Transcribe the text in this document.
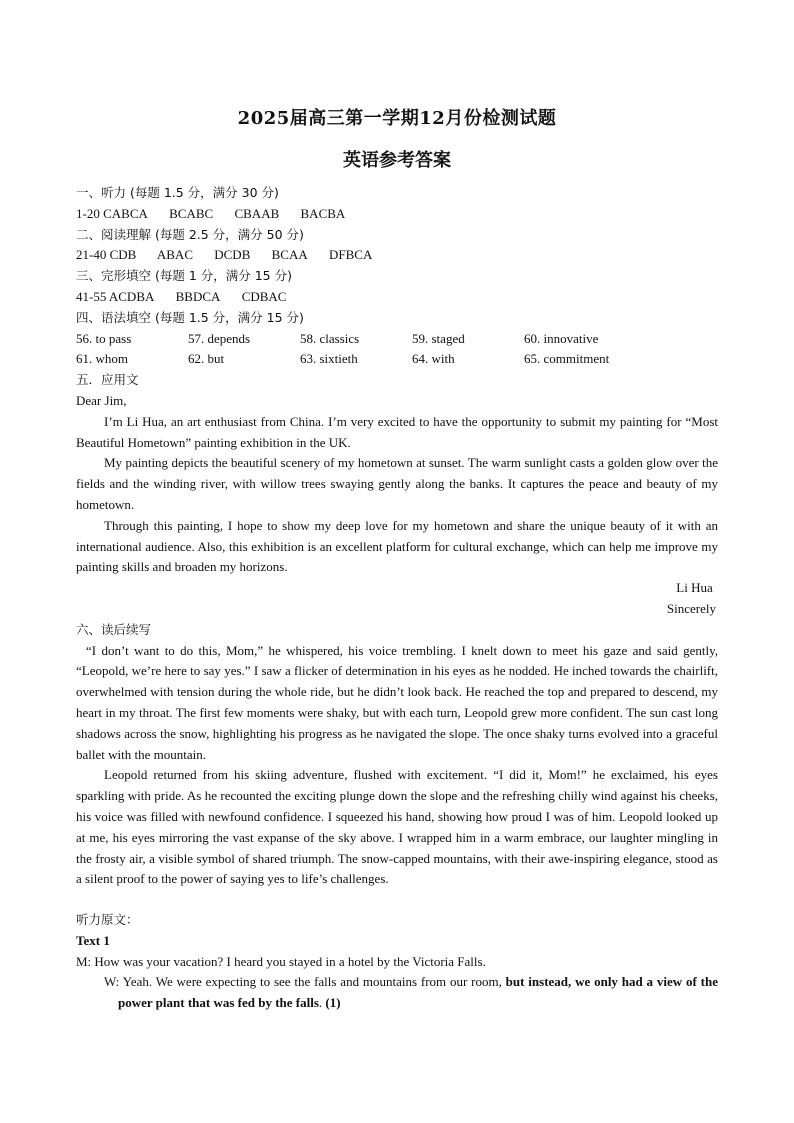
2025届高三第一学期12月份检测试题
英语参考答案
一、听力 (每题 1.5 分，满分 30 分)
1-20 CABCA BCABC CBAAB BACBA
二、阅读理解 (每题 2.5 分，满分 50 分)
21-40 CDB ABAC DCDB BCAA DFBCA
三、完形填空 (每题 1 分，满分 15 分)
41-55 ACDBA BBDCA CDBAC
四、语法填空 (每题 1.5 分，满分 15 分)
56. to pass	57. depends	58. classics	59. staged	60. innovative
61. whom	62. but	63. sixtieth	64. with	65. commitment
五．应用文
Dear Jim,

I’m Li Hua, an art enthusiast from China. I’m very excited to have the opportunity to submit my painting for “Most Beautiful Hometown” painting exhibition in the UK.

My painting depicts the beautiful scenery of my hometown at sunset. The warm sunlight casts a golden glow over the fields and the winding river, with willow trees swaying gently along the banks. It captures the peace and beauty of my hometown.

Through this painting, I hope to show my deep love for my hometown and share the unique beauty of it with an international audience. Also, this exhibition is an excellent platform for cultural exchange, which can help me improve my painting skills and broaden my horizons.

Li Hua
Sincerely
六、读后续写

“I don’t want to do this, Mom,” he whispered, his voice trembling. I knelt down to meet his gaze and said gently, “Leopold, we’re here to say yes.” I saw a flicker of determination in his eyes as he nodded. He inched towards the chairlift, overwhelmed with tension during the whole ride, but he didn’t look back. He reached the top and prepared to descend, my heart in my throat. The first few moments were shaky, but with each turn, Leopold grew more confident. The sun cast long shadows across the snow, highlighting his progress as he navigated the slope. The once shaky turns evolved into a graceful ballet with the mountain.

Leopold returned from his skiing adventure, flushed with excitement. “I did it, Mom!” he exclaimed, his eyes sparkling with pride. As he recounted the exciting plunge down the slope and the refreshing chilly wind against his cheeks, his voice was filled with newfound confidence. I squeezed his hand, showing how proud I was of him. Leopold looked up at me, his eyes mirroring the vast expanse of the sky above. I wrapped him in a warm embrace, our laughter mingling in the frosty air, a visible symbol of shared triumph. The snow-capped mountains, with their awe-inspiring elegance, stood as a silent proof to the power of saying yes to life’s challenges.

听力原文：
Text 1
M: How was your vacation? I heard you stayed in a hotel by the Victoria Falls.

W: Yeah. We were expecting to see the falls and mountains from our room, but instead, we only had a view of the power plant that was fed by the falls. (1)
